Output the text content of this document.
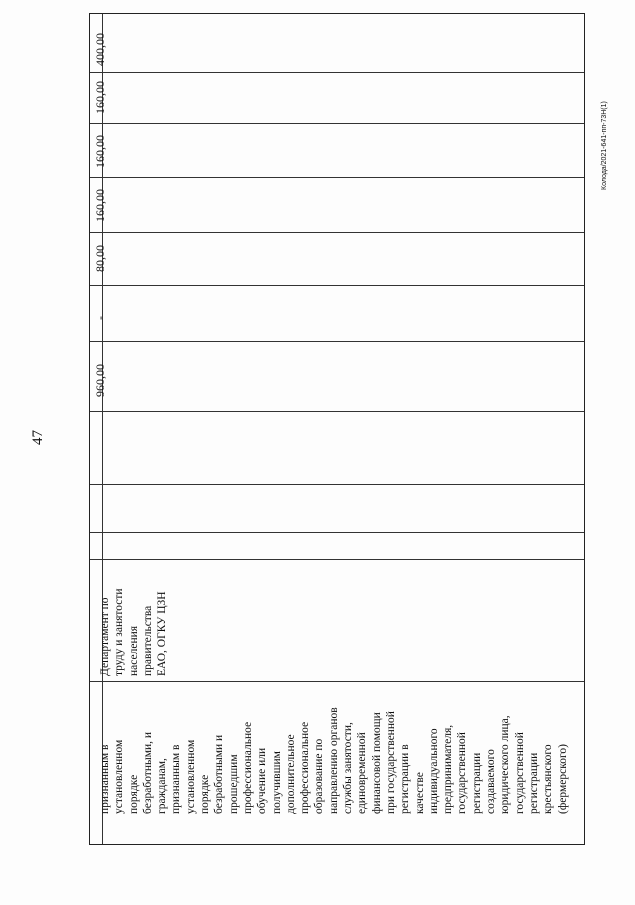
47
400,00
160,00
160,00
160,00
80,00
-
960,00
Департамент по труду и занятости населения правительства ЕАО, ОГКУ ЦЗН
признанным в установленном порядке безработными, и гражданам, признанным в установленном порядке безработными и прошедшим профессиональное обучение или получившим дополнительное профессиональное образование по направлению органов службы занятости, единовременной финансовой помощи при государственной регистрации в качестве индивидуального предпринимателя, государственной регистрации создаваемого юридического лица, государственной регистрации крестьянского (фермерского)
Колода/2021-641-пп-73Н(1)
